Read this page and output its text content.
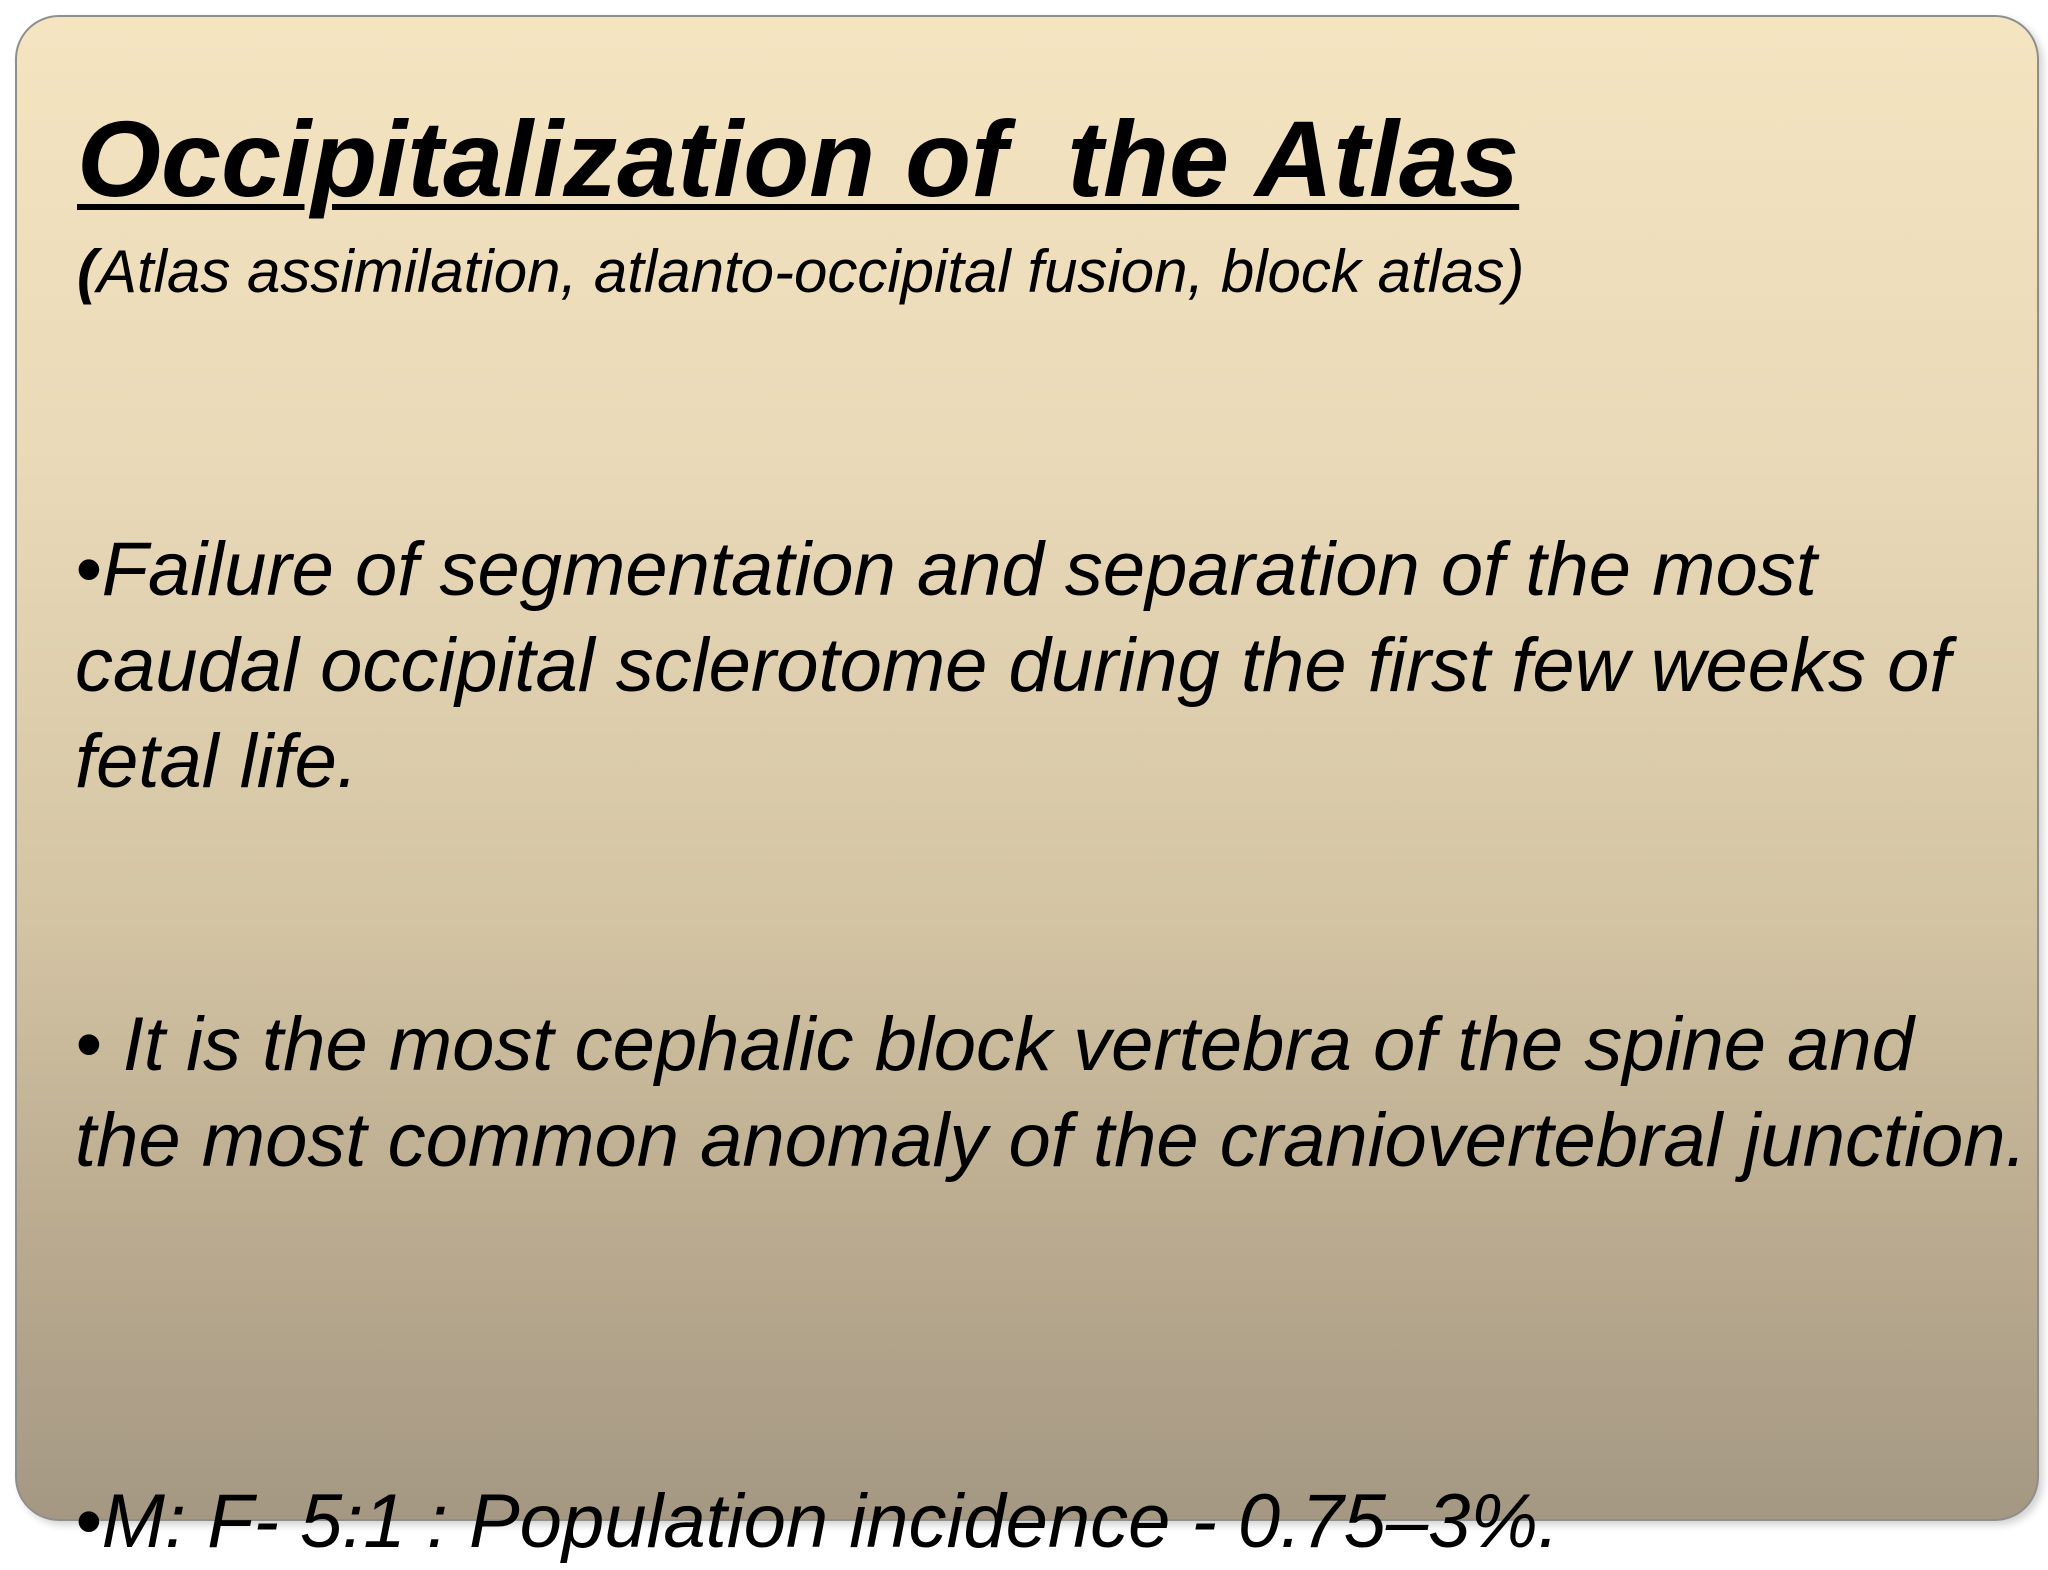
Occipitalization of  the Atlas
(Atlas assimilation, atlanto-occipital fusion, block atlas)

•Failure of segmentation and separation of the most caudal occipital sclerotome during the first few weeks of fetal life.

• It is the most cephalic block vertebra of the spine and the most common anomaly of the craniovertebral junction.

•M: F- 5:1 : Population incidence - 0.75–3%.
